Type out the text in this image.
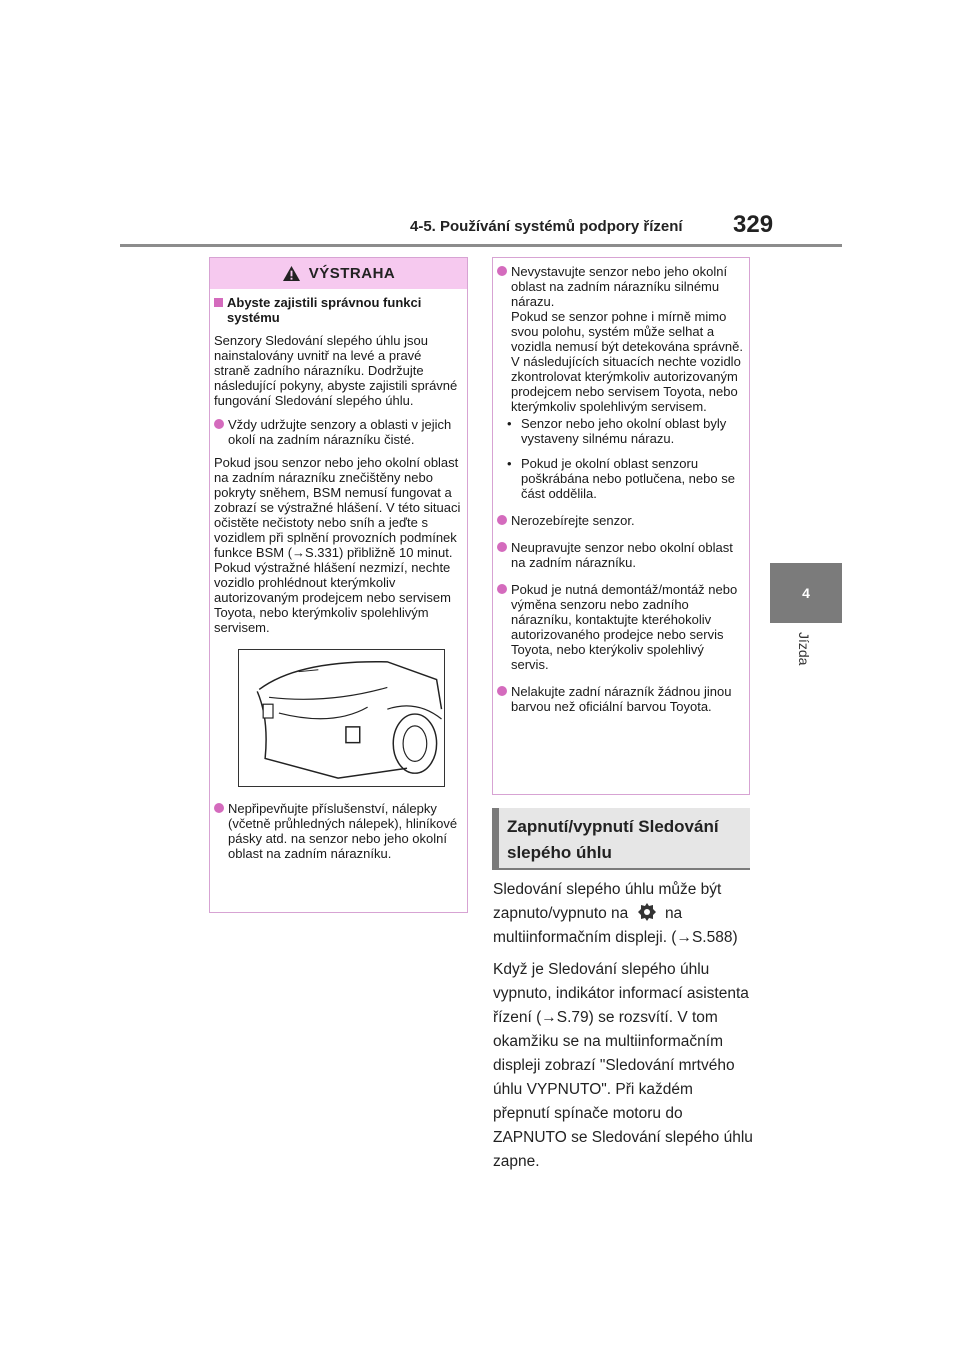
4-5. Používání systémů podpory řízení 329
4
Jízda
VÝSTRAHA
Abyste zajistili správnou funkci systému

Senzory Sledování slepého úhlu jsou nainstalovány uvnitř na levé a pravé straně zadního nárazníku. Dodržujte následující pokyny, abyste zajistili správné fungování Sledování slepého úhlu.

Vždy udržujte senzory a oblasti v jejich okolí na zadním nárazníku čisté.

Pokud jsou senzor nebo jeho okolní oblast na zadním nárazníku znečištěny nebo pokryty sněhem, BSM nemusí fungovat a zobrazí se výstražné hlášení. V této situaci očistěte nečistoty nebo sníh a jeďte s vozidlem při splnění provozních podmínek funkce BSM (→S.331) přibližně 10 minut. Pokud výstražné hlášení nezmizí, nechte vozidlo prohlédnout kterýmkoliv autorizovaným prodejcem nebo servisem Toyota, nebo kterýmkoliv spolehlivým servisem.

Nepřipevňujte příslušenství, nálepky (včetně průhledných nálepek), hliníkové pásky atd. na senzor nebo jeho okolní oblast na zadním nárazníku.
Nevystavujte senzor nebo jeho okolní oblast na zadním nárazníku silnému nárazu.
Pokud se senzor pohne i mírně mimo svou polohu, systém může selhat a vozidla nemusí být detekována správně.
V následujících situacích nechte vozidlo zkontrolovat kterýmkoliv autorizovaným prodejcem nebo servisem Toyota, nebo kterýmkoliv spolehlivým servisem.
• Senzor nebo jeho okolní oblast byly vystaveny silnému nárazu.
• Pokud je okolní oblast senzoru poškrábána nebo potlučena, nebo se část oddělila.
Nerozebírejte senzor.
Neupravujte senzor nebo okolní oblast na zadním nárazníku.
Pokud je nutná demontáž/montáž nebo výměna senzoru nebo zadního nárazníku, kontaktujte kteréhokoliv autorizovaného prodejce nebo servis Toyota, nebo kterýkoliv spolehlivý servis.
Nelakujte zadní nárazník žádnou jinou barvou než oficiální barvou Toyota.
Zapnutí/vypnutí Sledování slepého úhlu

Sledování slepého úhlu může být zapnuto/vypnuto na na multiinformačním displeji. (→S.588)

Když je Sledování slepého úhlu vypnuto, indikátor informací asistenta řízení (→S.79) se rozsvítí. V tom okamžiku se na multiinformačním displeji zobrazí "Sledování mrtvého úhlu VYPNUTO". Při každém přepnutí spínače motoru do ZAPNUTO se Sledování slepého úhlu zapne.
